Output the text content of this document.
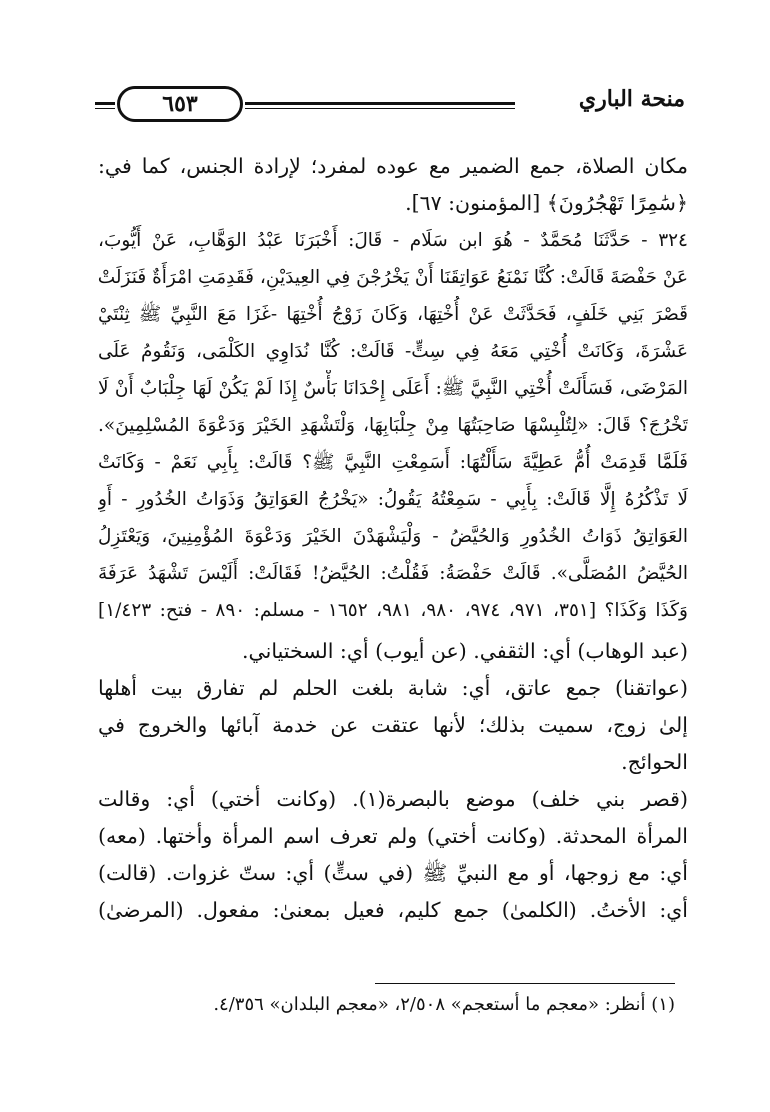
منحة الباري
٦٥٣
مكان الصلاة، جمع الضمير مع عوده لمفرد؛ لإرادة الجنس، كما في:
﴿سَٰمِرًا تَهْجُرُونَ﴾ [المؤمنون: ٦٧].
٣٢٤ - حَدَّثَنَا مُحَمَّدٌ - هُوَ ابن سَلَام - قَالَ: أَخْبَرَنَا عَبْدُ الوَهَّابِ، عَنْ أَيُّوبَ،
عَنْ حَفْصَةَ قَالَتْ: كُنَّا نَمْنَعُ عَوَاتِقَنَا أَنْ يَخْرُجْنَ فِي العِيدَيْنِ، فَقَدِمَتِ امْرَأَةٌ فَنَزَلَتْ
قَصْرَ بَنِي خَلَفٍ، فَحَدَّثَتْ عَنْ أُخْتِهَا، وَكَانَ زَوْجُ أُخْتِهَا -غَزَا مَعَ النَّبِيِّ ﷺ ثِنْتَيْ
عَشْرَةَ، وَكَانَتْ أُخْتِي مَعَهُ فِي سِتٍّ- قَالَتْ: كُنَّا نُدَاوِي الكَلْمَى، وَنَقُومُ عَلَى
المَرْضَى، فَسَأَلَتْ أُخْتِي النَّبِيَّ ﷺ: أَعَلَى إِحْدَانَا بَأْسٌ إِذَا لَمْ يَكُنْ لَهَا جِلْبَابٌ أَنْ لَا
تَخْرُجَ؟ قَالَ: «لِتُلْبِسْهَا صَاحِبَتُهَا مِنْ جِلْبَابِهَا، وَلْتَشْهَدِ الخَيْرَ وَدَعْوَةَ المُسْلِمِينَ».
فَلَمَّا قَدِمَتْ أُمُّ عَطِيَّةَ سَأَلْتُهَا: أَسَمِعْتِ النَّبِيَّ ﷺ؟ قَالَتْ: بِأَبِي نَعَمْ - وَكَانَتْ
لَا تَذْكُرُهُ إِلَّا قَالَتْ: بِأَبِي - سَمِعْتُهُ يَقُولُ: «يَخْرُجُ العَوَاتِقُ وَذَوَاتُ الخُدُورِ - أَوِ
العَوَاتِقُ ذَوَاتُ الخُدُورِ وَالحُيَّضُ - وَلْيَشْهَدْنَ الخَيْرَ وَدَعْوَةَ المُؤْمِنِينَ، وَيَعْتَزِلُ
الحُيَّضُ المُصَلَّى». قَالَتْ حَفْصَةُ: فَقُلْتُ: الحُيَّضُ! فَقَالَتْ: أَلَيْسَ تَشْهَدُ عَرَفَةَ
وَكَذَا وَكَذَا؟ [٣٥١، ٩٧١، ٩٧٤، ٩٨٠، ٩٨١، ١٦٥٢ - مسلم: ٨٩٠ - فتح: ١/٤٢٣]
(عبد الوهاب) أي: الثقفي. (عن أيوب) أي: السختياني.
(عواتقنا) جمع عاتق، أي: شابة بلغت الحلم لم تفارق بيت أهلها
إلىٰ زوج، سميت بذلك؛ لأنها عتقت عن خدمة آبائها والخروج في
الحوائج.
(قصر بني خلف) موضع بالبصرة(١). (وكانت أختي) أي: وقالت
المرأة المحدثة. (وكانت أختي) ولم تعرف اسم المرأة وأختها. (معه)
أي: مع زوجها، أو مع النبيِّ ﷺ (في ستٍّ) أي: ستّ غزوات. (قالت)
أي: الأختُ. (الكلمىٰ) جمع كليم، فعيل بمعنىٰ: مفعول. (المرضىٰ)
(١) أنظر: «معجم ما أستعجم» ٢/٥٠٨، «معجم البلدان» ٤/٣٥٦.
